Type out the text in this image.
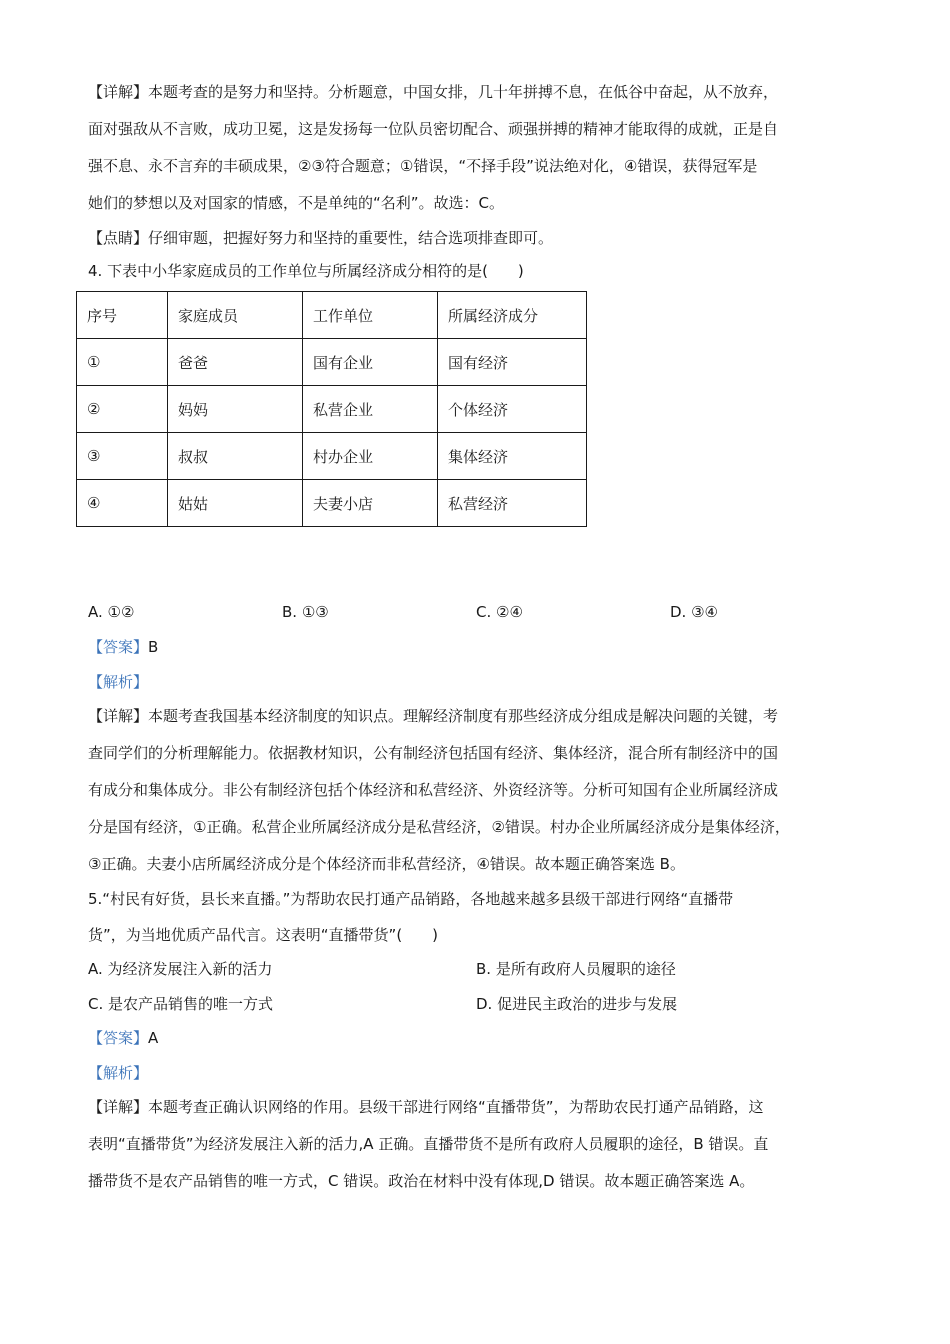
【详解】本题考查的是努力和坚持。分析题意，中国女排，几十年拼搏不息，在低谷中奋起，从不放弃，
面对强敌从不言败，成功卫冕，这是发扬每一位队员密切配合、顽强拼搏的精神才能取得的成就，正是自
强不息、永不言弃的丰硕成果，②③符合题意；①错误，“不择手段”说法绝对化，④错误，获得冠军是
她们的梦想以及对国家的情感，不是单纯的“名利”。故选：C。
【点睛】仔细审题，把握好努力和坚持的重要性，结合选项排查即可。
4. 下表中小华家庭成员的工作单位与所属经济成分相符的是(　　)
序号	家庭成员	工作单位	所属经济成分
①	爸爸	国有企业	国有经济
②	妈妈	私营企业	个体经济
③	叔叔	村办企业	集体经济
④	姑姑	夫妻小店	私营经济
A. ①②	B. ①③	C. ②④	D. ③④
【答案】B
【解析】
【详解】本题考查我国基本经济制度的知识点。理解经济制度有那些经济成分组成是解决问题的关键，考
查同学们的分析理解能力。依据教材知识，公有制经济包括国有经济、集体经济，混合所有制经济中的国
有成分和集体成分。非公有制经济包括个体经济和私营经济、外资经济等。分析可知国有企业所属经济成
分是国有经济，①正确。私营企业所属经济成分是私营经济，②错误。村办企业所属经济成分是集体经济，
③正确。夫妻小店所属经济成分是个体经济而非私营经济，④错误。故本题正确答案选 B。
5.“村民有好货，县长来直播。”为帮助农民打通产品销路，各地越来越多县级干部进行网络“直播带
货”，为当地优质产品代言。这表明“直播带货”(　　)
A. 为经济发展注入新的活力	B. 是所有政府人员履职的途径
C. 是农产品销售的唯一方式	D. 促进民主政治的进步与发展
【答案】A
【解析】
【详解】本题考查正确认识网络的作用。县级干部进行网络“直播带货”，为帮助农民打通产品销路，这
表明“直播带货”为经济发展注入新的活力,A 正确。直播带货不是所有政府人员履职的途径，B 错误。直
播带货不是农产品销售的唯一方式，C 错误。政治在材料中没有体现,D 错误。故本题正确答案选 A。
